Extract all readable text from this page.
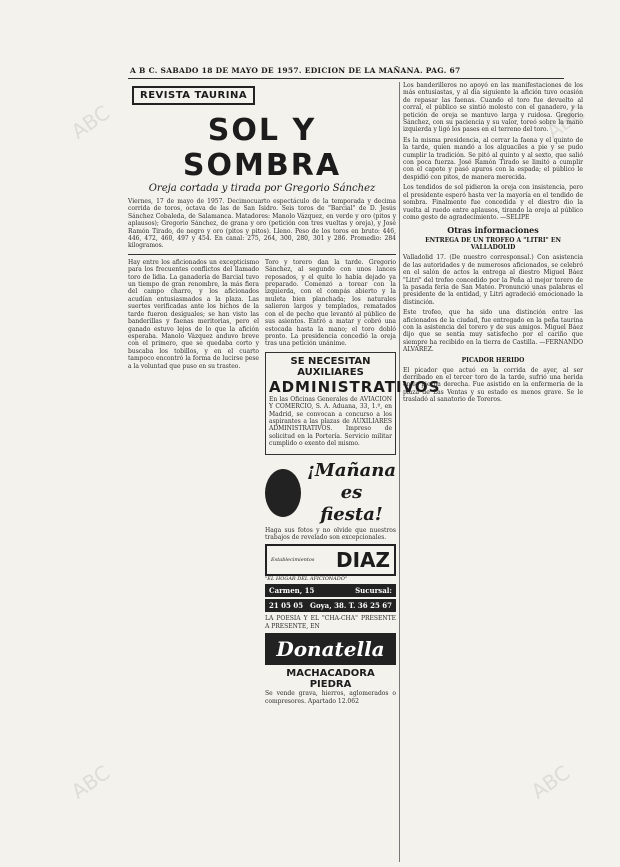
ABC	ABC
ABC	ABC
A B C. SABADO 18 DE MAYO DE 1957. EDICION DE LA MAÑANA. PAG. 67
REVISTA TAURINA
SOL Y SOMBRA
Oreja cortada y tirada por Gregorio Sánchez

Viernes, 17 de mayo de 1957. Decimocuarto espectáculo de la temporada y decima corrida de toros, octava de las de San Isidro. Seis toros de "Barcial" de D. Jesús Sánchez Cobaleda, de Salamanca. Matadores: Manolo Vázquez, en verde y oro (pitos y aplausos); Gregorio Sánchez, de grana y oro (petición con tres vueltas y oreja), y José Ramón Tirado, de negro y oro (pitos y pitos). Lleno. Peso de los toros en bruto: 446, 446, 472, 460, 497 y 454. En canal: 275, 264, 300, 280, 301 y 286. Promedio: 284 kilogramos.

Hay entre los aficionados un excepticismo para los frecuentes conflictos del llamado toro de lidia. La ganadería de Barcial tuvo un tiempo de gran renombre, la más fiera del campo charro, y los aficionados acudían entusiasmados a la plaza. Las suertes verificadas ante los bichos de la tarde fueron desiguales; se han visto las banderillas y faenas meritorias, pero el ganado estuvo lejos de lo que la afición esperaba. Manolo Vázquez anduvo breve con el primero, que se quedaba corto y buscaba los tobillos, y en el cuarto tampoco encontró la forma de lucirse pese a la voluntad que puso en su trasteo.

Toro y torero dan la tarde. Gregorio Sánchez, al segundo con unos lances reposados, y el quite lo había dejado ya preparado. Comenzó a torear con la izquierda, con el compás abierto y la muleta bien planchada; los naturales salieron largos y templados, rematados con el de pecho que levantó al público de sus asientos. Entró a matar y cobró una estocada hasta la mano; el toro dobló pronto. La presidencia concedió la oreja tras una petición unánime.

SE NECESITAN AUXILIARES
ADMINISTRATIVOS

En las Oficinas Generales de AVIACION Y COMERCIO, S. A. Aduana, 33, 1.º, en Madrid, se convocan a concurso a los aspirantes a las plazas de AUXILIARES ADMINISTRATIVOS. Impreso de solicitud en la Portería. Servicio militar cumplido o exento del mismo.

¡Mañana
es
fiesta!

Haga sus fotos y no olvide que nuestros trabajos de revelado son excepcionales.

Establecimientos DIAZ
"EL HOGAR DEL AFICIONADO"
Carmen, 15	Sucursal:
21 05 05 Goya, 38. T. 36 25 67

LA POESIA Y EL "CHA-CHA" PRESENTE A PRESENTE, EN

Donatella
MACHACADORA PIEDRA

Se vende grava, hierros, aglomerados o compresores. Apartado 12.062

Los banderilleros no apoyó en las manifestaciones de los más entusiastas, y al día siguiente la afición tuvo ocasión de repasar las faenas. Cuando el toro fue devuelto al corral, el público se sintió molesto con el ganadero, y la petición de oreja se mantuvo larga y ruidosa. Gregorio Sánchez, con su paciencia y su valor, toreó sobre la mano izquierda y ligó los pases en el terreno del toro.

Es la misma presidencia, al cerrar la faena y el quinto de la tarde, quien mandó a los alguaciles a pie y se pudo cumplir la tradición. Se pitó al quinto y al sexto, que salió con poca fuerza. José Ramón Tirado se limitó a cumplir con el capote y pasó apuros con la espada; el público le despidió con pitos, de manera merecida.

Los tendidos de sol pidieron la oreja con insistencia, pero el presidente esperó hasta ver la mayoría en el tendido de sombra. Finalmente fue concedida y el diestro dio la vuelta al ruedo entre aplausos, tirando la oreja al público como gesto de agradecimiento. —SELIPE

Otras informaciones
ENTREGA DE UN TROFEO A "LITRI" EN VALLADOLID

Valladolid 17. (De nuestro corresponsal.) Con asistencia de las autoridades y de numerosos aficionados, se celebró en el salón de actos la entrega al diestro Miguel Báez "Litri" del trofeo concedido por la Peña al mejor torero de la pasada feria de San Mateo. Pronunció unas palabras el presidente de la entidad, y Litri agradeció emocionado la distinción.

Este trofeo, que ha sido una distinción entre las aficionados de la ciudad, fue entregado en la peña taurina con la asistencia del torero y de sus amigos. Miguel Báez dijo que se sentía muy satisfecho por el cariño que siempre ha recibido en la tierra de Castilla. —FERNANDO ALVAREZ.

PICADOR HERIDO

El picador que actuó en la corrida de ayer, al ser derribado en el tercer toro de la tarde, sufrió una herida en la pierna derecha. Fue asistido en la enfermería de la plaza de Las Ventas y su estado es menos grave. Se le trasladó al sanatorio de Toreros.
